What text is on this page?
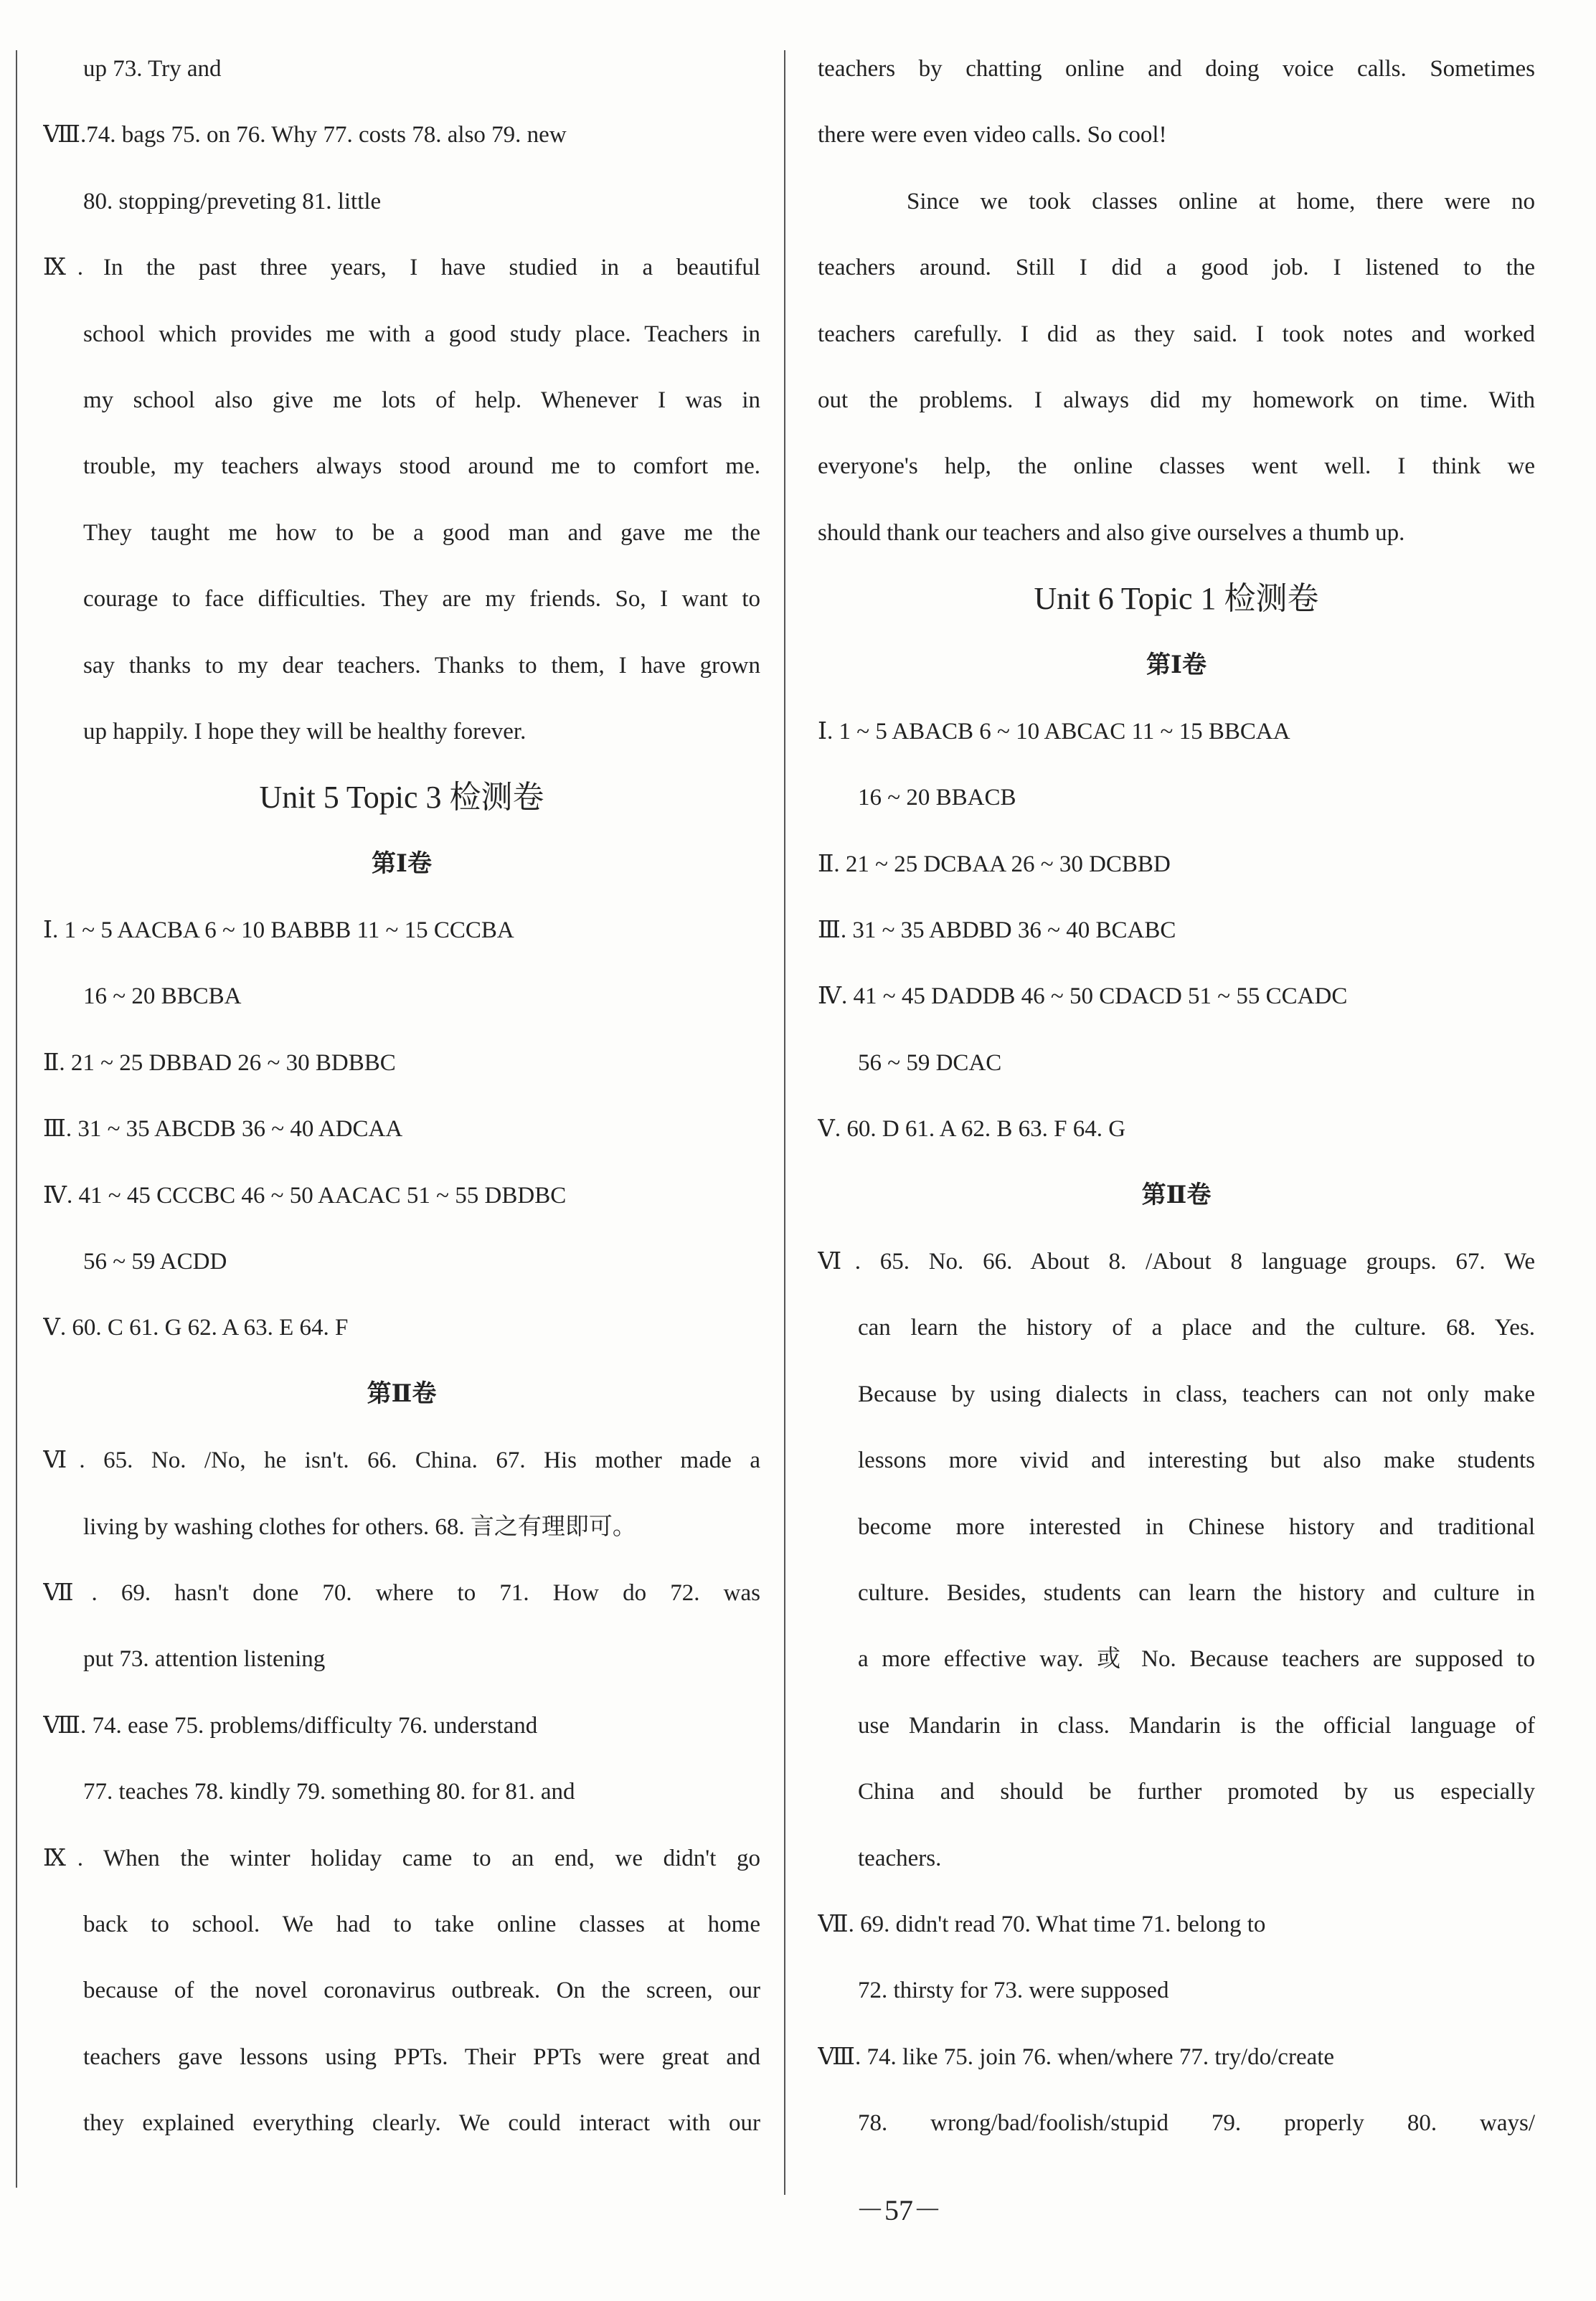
up 73. Try and
Ⅷ.74. bags 75. on 76. Why 77. costs 78. also 79. new
80. stopping/preveting 81. little
Ⅸ. In the past three years, I have studied in a beautiful
school which provides me with a good study place. Teachers in
my school also give me lots of help. Whenever I was in
trouble, my teachers always stood around me to comfort me.
They taught me how to be a good man and gave me the
courage to face difficulties. They are my friends. So, I want to
say thanks to my dear teachers. Thanks to them, I have grown
up happily. I hope they will be healthy forever.
Unit 5 Topic 3 检测卷
第Ⅰ卷
Ⅰ. 1 ~ 5 AACBA 6 ~ 10 BABBB 11 ~ 15 CCCBA
16 ~ 20 BBCBA
Ⅱ. 21 ~ 25 DBBAD 26 ~ 30 BDBBC
Ⅲ. 31 ~ 35 ABCDB 36 ~ 40 ADCAA
Ⅳ. 41 ~ 45 CCCBC 46 ~ 50 AACAC 51 ~ 55 DBDBC
56 ~ 59 ACDD
Ⅴ. 60. C 61. G 62. A 63. E 64. F
第Ⅱ卷
Ⅵ. 65. No. /No, he isn't. 66. China. 67. His mother made a
living by washing clothes for others. 68. 言之有理即可。
Ⅶ. 69. hasn't done 70. where to 71. How do 72. was
put 73. attention listening
Ⅷ. 74. ease 75. problems/difficulty 76. understand
77. teaches 78. kindly 79. something 80. for 81. and
Ⅸ. When the winter holiday came to an end, we didn't go
back to school. We had to take online classes at home
because of the novel coronavirus outbreak. On the screen, our
teachers gave lessons using PPTs. Their PPTs were great and
they explained everything clearly. We could interact with our
teachers by chatting online and doing voice calls. Sometimes
there were even video calls. So cool!
Since we took classes online at home, there were no
teachers around. Still I did a good job. I listened to the
teachers carefully. I did as they said. I took notes and worked
out the problems. I always did my homework on time. With
everyone's help, the online classes went well. I think we
should thank our teachers and also give ourselves a thumb up.
Unit 6 Topic 1 检测卷
第Ⅰ卷
Ⅰ. 1 ~ 5 ABACB 6 ~ 10 ABCAC 11 ~ 15 BBCAA
16 ~ 20 BBACB
Ⅱ. 21 ~ 25 DCBAA 26 ~ 30 DCBBD
Ⅲ. 31 ~ 35 ABDBD 36 ~ 40 BCABC
Ⅳ. 41 ~ 45 DADDB 46 ~ 50 CDACD 51 ~ 55 CCADC
56 ~ 59 DCAC
Ⅴ. 60. D 61. A 62. B 63. F 64. G
第Ⅱ卷
Ⅵ. 65. No. 66. About 8. /About 8 language groups. 67. We
can learn the history of a place and the culture. 68. Yes.
Because by using dialects in class, teachers can not only make
lessons more vivid and interesting but also make students
become more interested in Chinese history and traditional
culture. Besides, students can learn the history and culture in
a more effective way. 或 No. Because teachers are supposed to
use Mandarin in class. Mandarin is the official language of
China and should be further promoted by us especially
teachers.
Ⅶ. 69. didn't read 70. What time 71. belong to
72. thirsty for 73. were supposed
Ⅷ. 74. like 75. join 76. when/where 77. try/do/create
78. wrong/bad/foolish/stupid 79. properly 80. ways/
－57－
